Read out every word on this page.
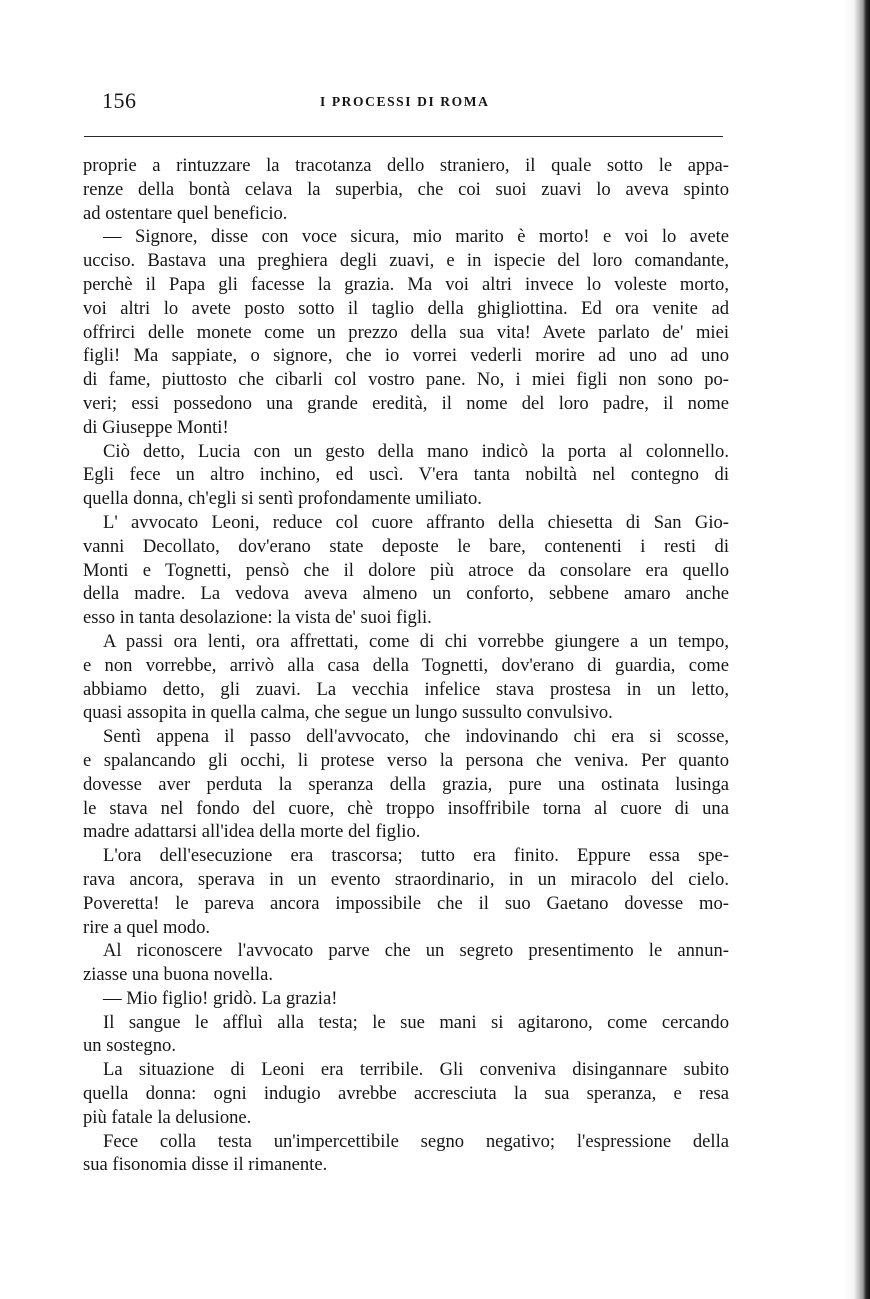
156	I PROCESSI DI ROMA
proprie a rintuzzare la tracotanza dello straniero, il quale sotto le appa-
renze della bontà celava la superbia, che coi suoi zuavi lo aveva spinto
ad ostentare quel beneficio.
— Signore, disse con voce sicura, mio marito è morto! e voi lo avete
ucciso. Bastava una preghiera degli zuavi, e in ispecie del loro comandante,
perchè il Papa gli facesse la grazia. Ma voi altri invece lo voleste morto,
voi altri lo avete posto sotto il taglio della ghigliottina. Ed ora venite ad
offrirci delle monete come un prezzo della sua vita! Avete parlato de' miei
figli! Ma sappiate, o signore, che io vorrei vederli morire ad uno ad uno
di fame, piuttosto che cibarli col vostro pane. No, i miei figli non sono po-
veri; essi possedono una grande eredità, il nome del loro padre, il nome
di Giuseppe Monti!
Ciò detto, Lucia con un gesto della mano indicò la porta al colonnello.
Egli fece un altro inchino, ed uscì. V'era tanta nobiltà nel contegno di
quella donna, ch'egli si sentì profondamente umiliato.
L' avvocato Leoni, reduce col cuore affranto della chiesetta di San Gio-
vanni Decollato, dov'erano state deposte le bare, contenenti i resti di
Monti e Tognetti, pensò che il dolore più atroce da consolare era quello
della madre. La vedova aveva almeno un conforto, sebbene amaro anche
esso in tanta desolazione: la vista de' suoi figli.
A passi ora lenti, ora affrettati, come di chi vorrebbe giungere a un tempo,
e non vorrebbe, arrivò alla casa della Tognetti, dov'erano di guardia, come
abbiamo detto, gli zuavi. La vecchia infelice stava prostesa in un letto,
quasi assopita in quella calma, che segue un lungo sussulto convulsivo.
Sentì appena il passo dell'avvocato, che indovinando chi era si scosse,
e spalancando gli occhi, li protese verso la persona che veniva. Per quanto
dovesse aver perduta la speranza della grazia, pure una ostinata lusinga
le stava nel fondo del cuore, chè troppo insoffribile torna al cuore di una
madre adattarsi all'idea della morte del figlio.
L'ora dell'esecuzione era trascorsa; tutto era finito. Eppure essa spe-
rava ancora, sperava in un evento straordinario, in un miracolo del cielo.
Poveretta! le pareva ancora impossibile che il suo Gaetano dovesse mo-
rire a quel modo.
Al riconoscere l'avvocato parve che un segreto presentimento le annun-
ziasse una buona novella.
— Mio figlio! gridò. La grazia!
Il sangue le affluì alla testa; le sue mani si agitarono, come cercando
un sostegno.
La situazione di Leoni era terribile. Gli conveniva disingannare subito
quella donna: ogni indugio avrebbe accresciuta la sua speranza, e resa
più fatale la delusione.
Fece colla testa un'impercettibile segno negativo; l'espressione della
sua fisonomia disse il rimanente.
